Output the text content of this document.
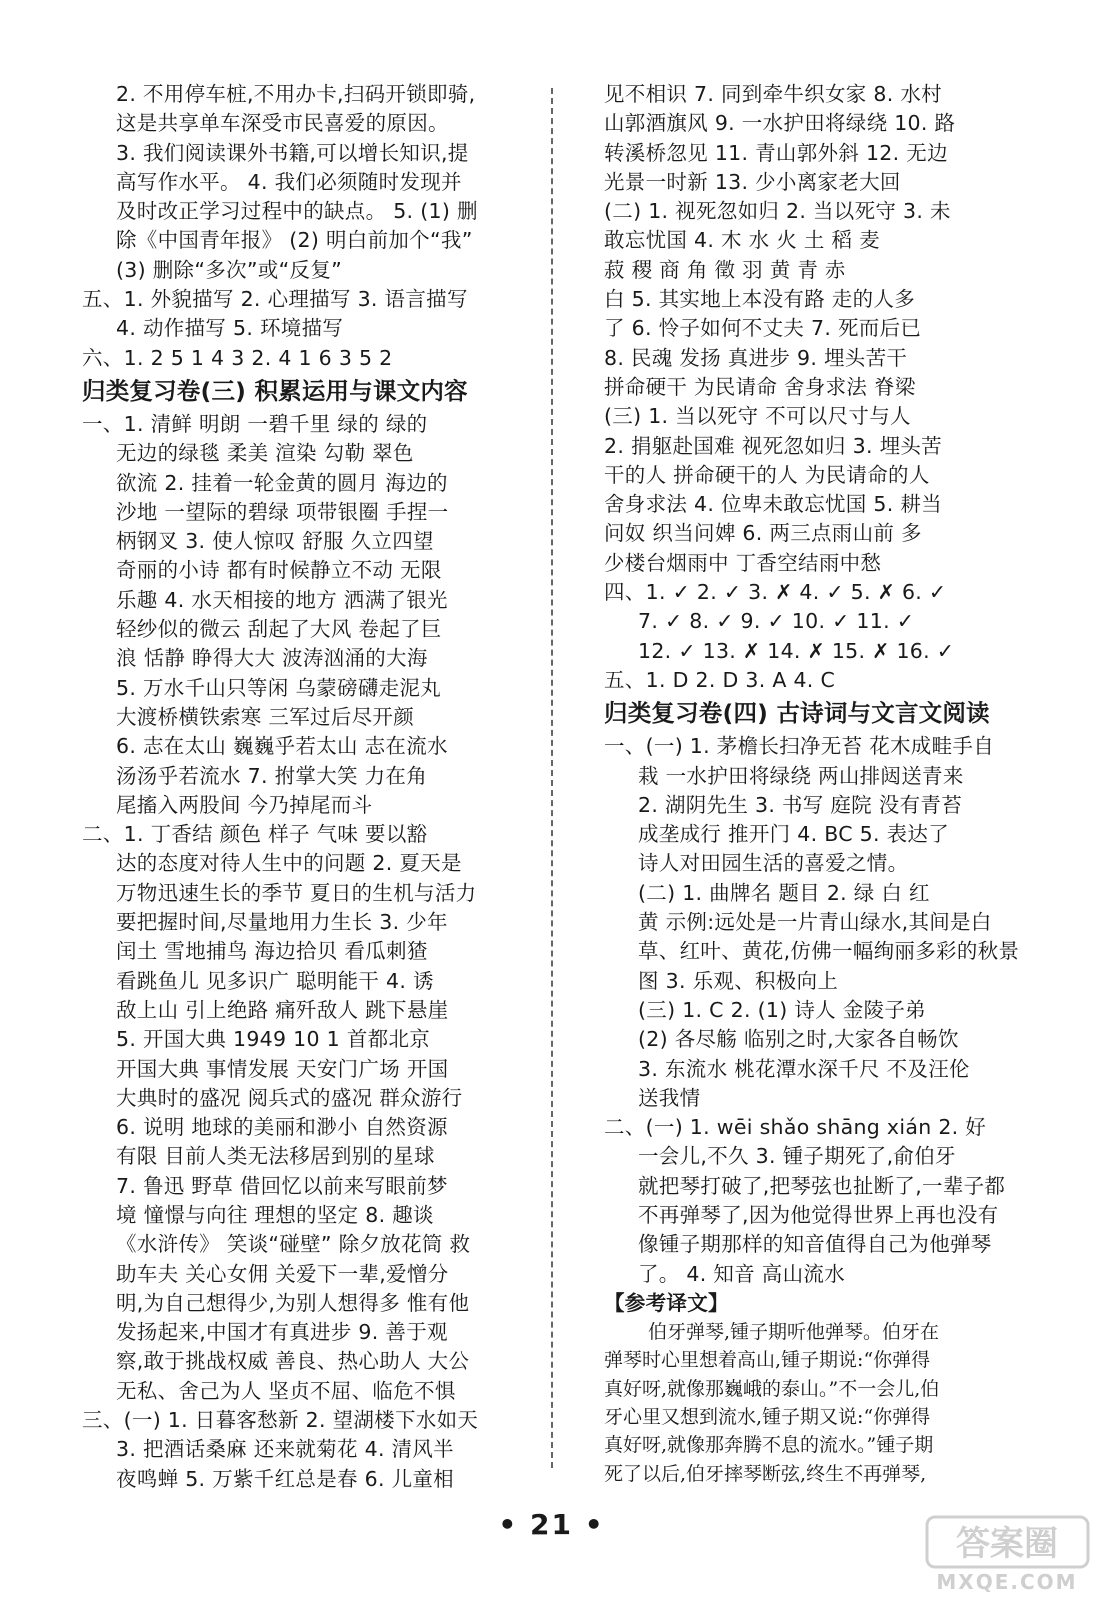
2. 不用停车桩,不用办卡,扫码开锁即骑,
这是共享单车深受市民喜爱的原因。
3. 我们阅读课外书籍,可以增长知识,提
高写作水平。 4. 我们必须随时发现并
及时改正学习过程中的缺点。 5. (1) 删
除《中国青年报》 (2) 明白前加个“我”
(3) 删除“多次”或“反复”
五、1. 外貌描写 2. 心理描写 3. 语言描写
4. 动作描写 5. 环境描写
六、1. 2 5 1 4 3 2. 4 1 6 3 5 2
归类复习卷(三) 积累运用与课文内容
一、1. 清鲜 明朗 一碧千里 绿的 绿的
无边的绿毯 柔美 渲染 勾勒 翠色
欲流 2. 挂着一轮金黄的圆月 海边的
沙地 一望际的碧绿 项带银圈 手捏一
柄钢叉 3. 使人惊叹 舒服 久立四望
奇丽的小诗 都有时候静立不动 无限
乐趣 4. 水天相接的地方 洒满了银光
轻纱似的微云 刮起了大风 卷起了巨
浪 恬静 睁得大大 波涛汹涌的大海
5. 万水千山只等闲 乌蒙磅礴走泥丸
大渡桥横铁索寒 三军过后尽开颜
6. 志在太山 巍巍乎若太山 志在流水
汤汤乎若流水 7. 拊掌大笑 力在角
尾搐入两股间 今乃掉尾而斗
二、1. 丁香结 颜色 样子 气味 要以豁
达的态度对待人生中的问题 2. 夏天是
万物迅速生长的季节 夏日的生机与活力
要把握时间,尽量地用力生长 3. 少年
闰土 雪地捕鸟 海边拾贝 看瓜刺猹
看跳鱼儿 见多识广 聪明能干 4. 诱
敌上山 引上绝路 痛歼敌人 跳下悬崖
5. 开国大典 1949 10 1 首都北京
开国大典 事情发展 天安门广场 开国
大典时的盛况 阅兵式的盛况 群众游行
6. 说明 地球的美丽和渺小 自然资源
有限 目前人类无法移居到别的星球
7. 鲁迅 野草 借回忆以前来写眼前梦
境 憧憬与向往 理想的坚定 8. 趣谈
《水浒传》 笑谈“碰壁” 除夕放花筒 救
助车夫 关心女佣 关爱下一辈,爱憎分
明,为自己想得少,为别人想得多 惟有他
发扬起来,中国才有真进步 9. 善于观
察,敢于挑战权威 善良、热心助人 大公
无私、舍己为人 坚贞不屈、临危不惧
三、(一) 1. 日暮客愁新 2. 望湖楼下水如天
3. 把酒话桑麻 还来就菊花 4. 清风半
夜鸣蝉 5. 万紫千红总是春 6. 儿童相
见不相识 7. 同到牵牛织女家 8. 水村
山郭酒旗风 9. 一水护田将绿绕 10. 路
转溪桥忽见 11. 青山郭外斜 12. 无边
光景一时新 13. 少小离家老大回
(二) 1. 视死忽如归 2. 当以死守 3. 未
敢忘忧国 4. 木 水 火 土 稻 麦
菽 稷 商 角 徵 羽 黄 青 赤
白 5. 其实地上本没有路 走的人多
了 6. 怜子如何不丈夫 7. 死而后已
8. 民魂 发扬 真进步 9. 埋头苦干
拼命硬干 为民请命 舍身求法 脊梁
(三) 1. 当以死守 不可以尺寸与人
2. 捐躯赴国难 视死忽如归 3. 埋头苦
干的人 拼命硬干的人 为民请命的人
舍身求法 4. 位卑未敢忘忧国 5. 耕当
问奴 织当问婢 6. 两三点雨山前 多
少楼台烟雨中 丁香空结雨中愁
四、1. ✓ 2. ✓ 3. ✗ 4. ✓ 5. ✗ 6. ✓
7. ✓ 8. ✓ 9. ✓ 10. ✓ 11. ✓
12. ✓ 13. ✗ 14. ✗ 15. ✗ 16. ✓
五、1. D 2. D 3. A 4. C
归类复习卷(四) 古诗词与文言文阅读
一、(一) 1. 茅檐长扫净无苔 花木成畦手自
栽 一水护田将绿绕 两山排闼送青来
2. 湖阴先生 3. 书写 庭院 没有青苔
成垄成行 推开门 4. BC 5. 表达了
诗人对田园生活的喜爱之情。
(二) 1. 曲牌名 题目 2. 绿 白 红
黄 示例:远处是一片青山绿水,其间是白
草、红叶、黄花,仿佛一幅绚丽多彩的秋景
图 3. 乐观、积极向上
(三) 1. C 2. (1) 诗人 金陵子弟
(2) 各尽觞 临别之时,大家各自畅饮
3. 东流水 桃花潭水深千尺 不及汪伦
送我情
二、(一) 1. wēi shǎo shāng xián 2. 好
一会儿,不久 3. 锺子期死了,俞伯牙
就把琴打破了,把琴弦也扯断了,一辈子都
不再弹琴了,因为他觉得世界上再也没有
像锺子期那样的知音值得自己为他弹琴
了。 4. 知音 高山流水
【参考译文】
伯牙弹琴,锺子期听他弹琴。伯牙在
弹琴时心里想着高山,锺子期说:“你弹得
真好呀,就像那巍峨的泰山。”不一会儿,伯
牙心里又想到流水,锺子期又说:“你弹得
真好呀,就像那奔腾不息的流水。”锺子期
死了以后,伯牙摔琴断弦,终生不再弹琴,
• 21 •	答案圈
MXQE.COM
